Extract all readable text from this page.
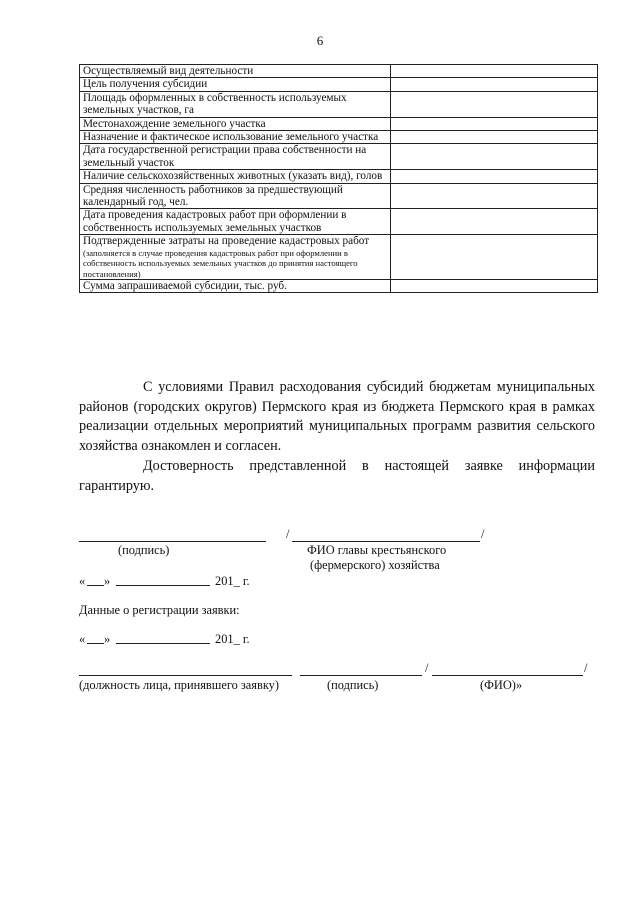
6
Осуществляемый вид деятельности	
Цель получения субсидии	
Площадь оформленных в собственность используемых земельных участков, га	
Местонахождение земельного участка	
Назначение и фактическое использование земельного участка	
Дата государственной регистрации права собственности на земельный участок	
Наличие сельскохозяйственных животных (указать вид), голов	
Средняя численность работников за предшествующий календарный год, чел.	
Дата проведения кадастровых работ при оформлении в собственность используемых земельных участков	
Подтвержденные затраты на проведение кадастровых работ
(заполняется в случае проведения кадастровых работ при оформлении в собственность используемых земельных участков до принятия настоящего постановления)	

Сумма запрашиваемой субсидии, тыс. руб.	

С условиями Правил расходования субсидий бюджетам муниципальных районов (городских округов) Пермского края из бюджета Пермского края в рамках реализации отдельных мероприятий муниципальных программ развития сельского хозяйства ознакомлен и согласен.

Достоверность представленной в настоящей заявке информации гарантирую.

/	/
(подпись)	ФИО главы крестьянского
(фермерского) хозяйства
« »	201_ г.
Данные о регистрации заявки:
« »	201_ г.
/	/
(должность лица, принявшего заявку)	(подпись)	(ФИО)»
